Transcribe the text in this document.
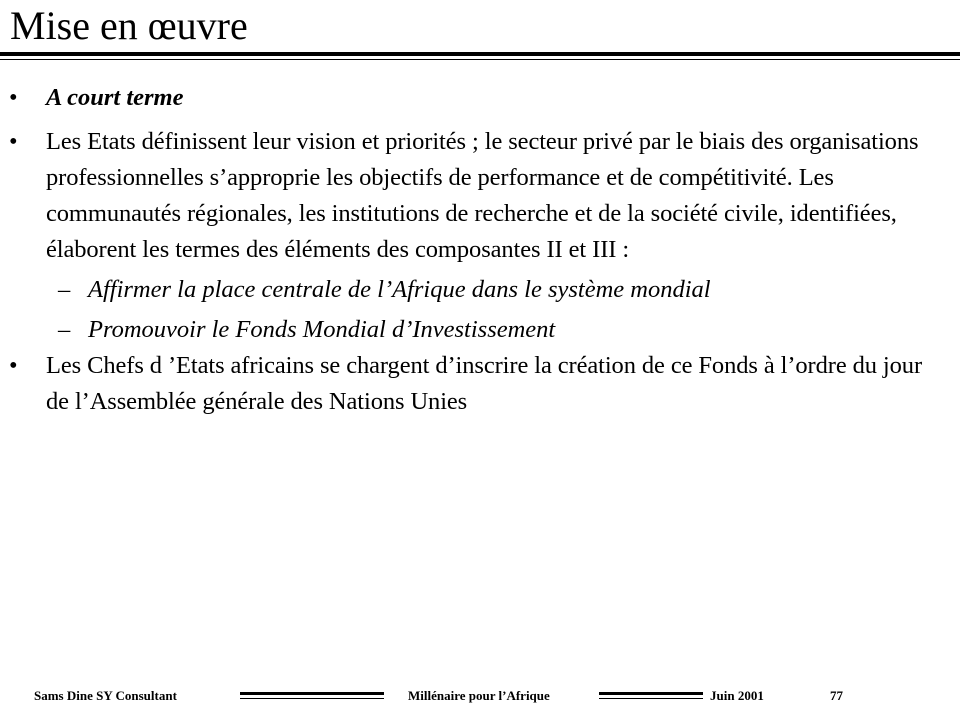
Mise en œuvre
• A court terme
• Les Etats définissent leur vision et priorités ; le secteur privé par le biais des organisations professionnelles s’approprie les objectifs de performance et de compétitivité. Les communautés régionales, les institutions de recherche et de la société civile, identifiées, élaborent les termes des éléments des composantes II et III :
– Affirmer la place centrale de l’Afrique dans le système mondial
– Promouvoir le Fonds Mondial d’Investissement
• Les Chefs d ’Etats africains se chargent d’inscrire la création de ce Fonds à l’ordre du jour de l’Assemblée générale des Nations Unies
Sams Dine SY Consultant	Millénaire pour l’Afrique	Juin 2001	77
